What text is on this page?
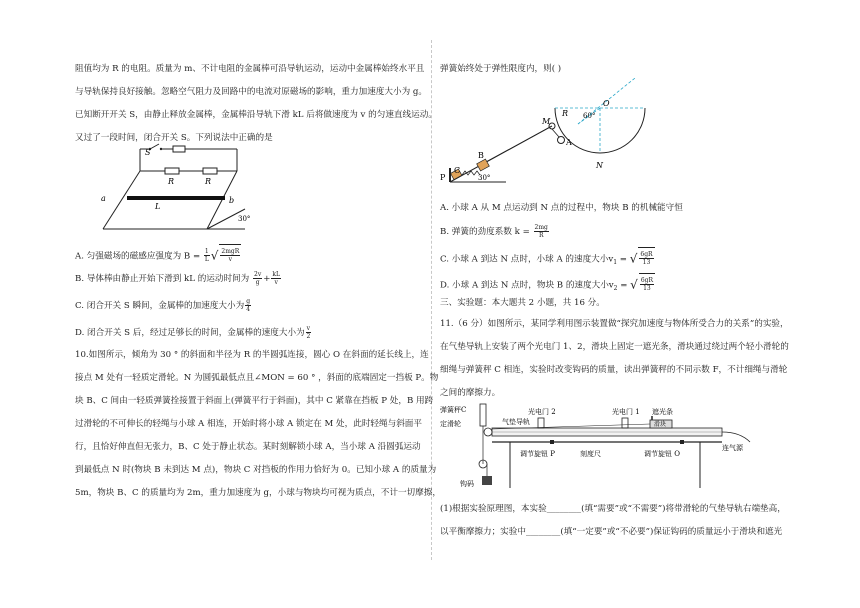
阻值均为 R 的电阻。质量为 m、不计电阻的金属棒可沿导轨运动，运动中金属棒始终水平且
与导轨保持良好接触。忽略空气阻力及回路中的电流对原磁场的影响，重力加速度大小为 g。
已知断开开关 S，由静止释放金属棒，金属棒沿导轨下滑 kL 后将做速度为 v 的匀速直线运动。
又过了一段时间，闭合开关 S。下列说法中正确的是
S
R	R
a	b
L
30°
A. 匀强磁场的磁感应强度为 $B = \frac{1}{L}$ √ $\frac{\text{2mgR}}{v}$
B. 导体棒由静止开始下滑到 kL 的运动时间为 $\frac{2v}{g} + \frac{kL}{v}$
C. 闭合开关 S 瞬间，金属棒的加速度大小为 $\frac{g}{4}$
D. 闭合开关 S 后，经过足够长的时间，金属棒的速度大小为 $\frac{v}{2}$
10.如图所示，倾角为 30 ° 的斜面和半径为 R 的半圆弧连接，圆心 O 在斜面的延长线上，连
接点 M 处有一轻质定滑轮。N 为圆弧最低点且∠MON = 60 ° ，斜面的底端固定一挡板 P。物
块 B、C 间由一轻质弹簧拴接置于斜面上(弹簧平行于斜面)，其中 C 紧靠在挡板 P 处，B 用跨
过滑轮的不可伸长的轻绳与小球 A 相连，开始时将小球 A 锁定在 M 处，此时轻绳与斜面平
行，且恰好伸直但无张力，B、C 处于静止状态。某时刻解锁小球 A，当小球 A 沿圆弧运动
到最低点 N 时(物块 B 未到达 M 点)，物块 C 对挡板的作用力恰好为 0。已知小球 A 的质量为
5m，物块 B、C 的质量均为 2m，重力加速度为 g，小球与物块均可视为质点，不计一切摩擦，
弹簧始终处于弹性限度内，则( )
O
60°
R
N
M
A
B
C
P	30°
A. 小球 A 从 M 点运动到 N 点的过程中，物块 B 的机械能守恒
B. 弹簧的劲度系数 $k = \frac{2mg}{R}$
C. 小球 A 到达 N 点时，小球 A 的速度大小$v_1$ = √ $\frac{6gR}{13}$
D. 小球 A 到达 N 点时，物块 B 的速度大小$v_2$ = √ $\frac{6gR}{13}$
三、实验题：本大题共 2 小题，共 16 分。
11.（6 分）如图所示，某同学利用图示装置做“探究加速度与物体所受合力的关系”的实验，
在气垫导轨上安装了两个光电门 1、2，滑块上固定一遮光条，滑块通过绕过两个轻小滑轮的
细绳与弹簧秤 C 相连，实验时改变钩码的质量，读出弹簧秤的不同示数 F，不计细绳与滑轮
之间的摩擦力。
弹簧秤C
定滑轮
钩码
气垫导轨
光电门 2	光电门 1 遮光条
滑块
连气源
调节旋钮 P	刻度尺	调节旋钮 O
(1)根据实验原理图，本实验________(填“需要”或“不需要”)将带滑轮的气垫导轨右端垫高，
以平衡摩擦力；实验中________(填“一定要”或“不必要”)保证钩码的质量远小于滑块和遮光
